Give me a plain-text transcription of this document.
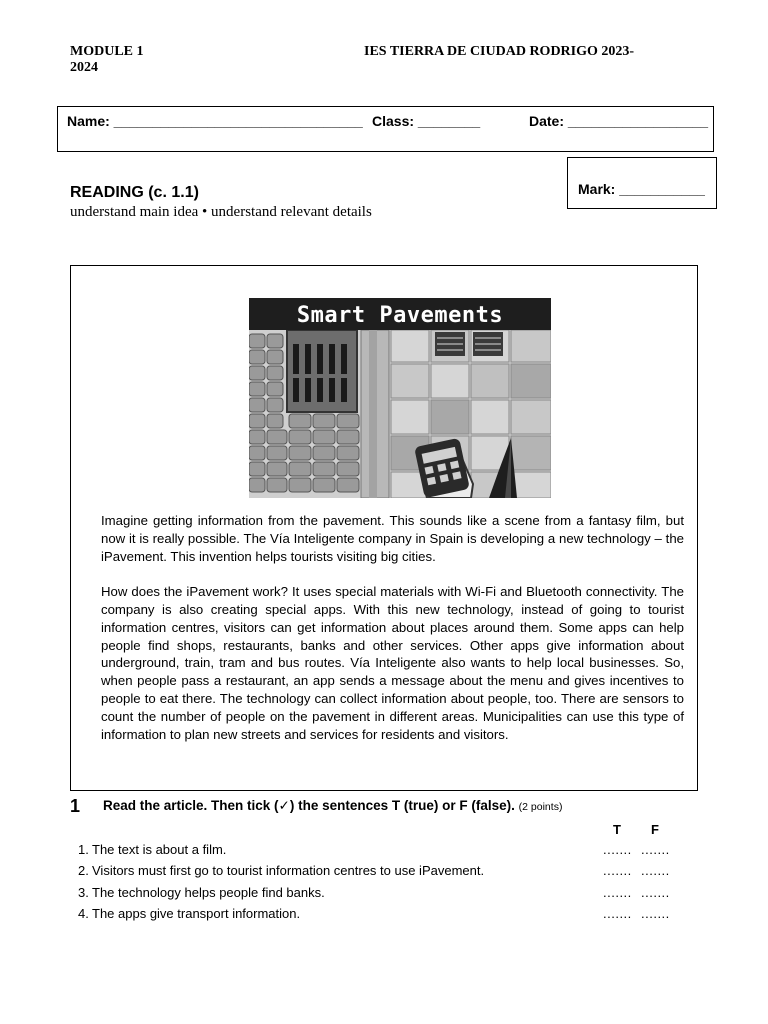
MODULE 1	IES TIERRA DE CIUDAD RODRIGO 2023-
2024
Name: ________________________________ Class: ________	Date: __________________
Mark: ___________
READING (c. 1.1)
understand main idea • understand relevant details
Smart Pavements

Imagine getting information from the pavement. This sounds like a scene from a fantasy film, but now it is really possible. The Vía Inteligente company in Spain is developing a new technology – the iPavement. This invention helps tourists visiting big cities.

How does the iPavement work? It uses special materials with Wi-Fi and Bluetooth connectivity. The company is also creating special apps. With this new technology, instead of going to tourist information centres, visitors can get information about places around them. Some apps can help people find shops, restaurants, banks and other services. Other apps give information about underground, train, tram and bus routes. Vía Inteligente also wants to help local businesses. So, when people pass a restaurant, an app sends a message about the menu and gives incentives to people to eat there. The technology can collect information about people, too. There are sensors to count the number of people on the pavement in different areas. Municipalities can use this type of information to plan new streets and services for residents and visitors.

1 Read the article. Then tick (✓) the sentences T (true) or F (false). (2 points)
T F
1. The text is about a film.	....... .......
2. Visitors must first go to tourist information centres to use iPavement.	....... .......
3. The technology helps people find banks.	....... .......
4. The apps give transport information.	....... .......
